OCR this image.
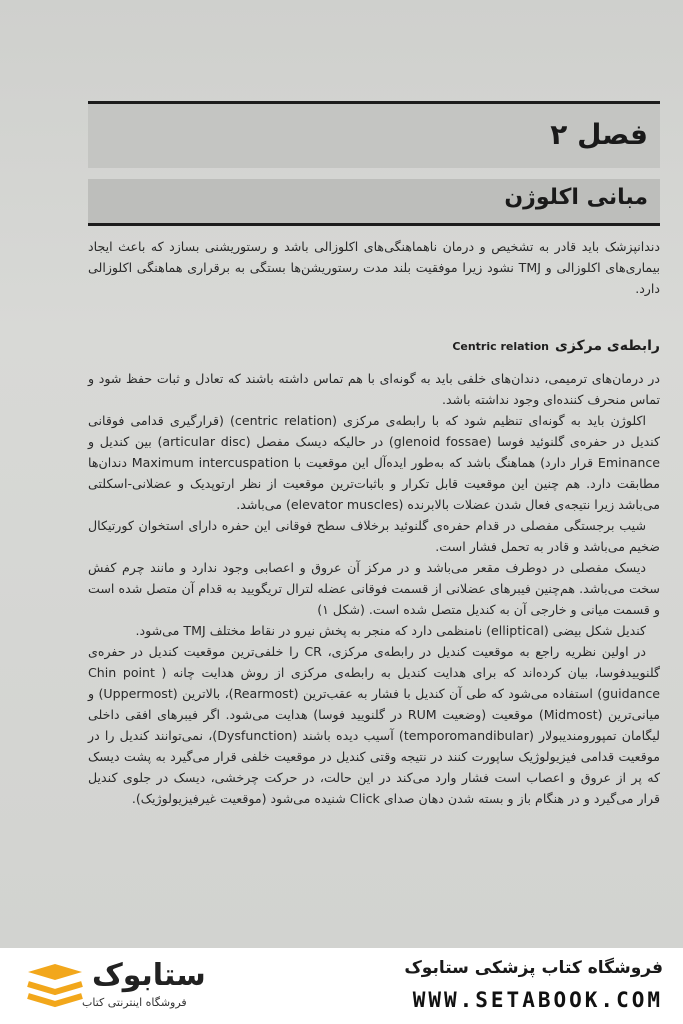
فصل ۲
مبانی اکلوژن

دندانپزشک باید قادر به تشخیص و درمان ناهماهنگی‌های اکلوزالی باشد و رستوریشنی بسازد که باعث ایجاد بیماری‌های اکلوزالی و TMJ نشود زیرا موفقیت بلند مدت رستوریشن‌ها بستگی به برقراری هماهنگی اکلوزالی دارد.

رابطه‌ی مرکزیCentric relation

در درمان‌های ترمیمی، دندان‌های خلفی باید به گونه‌ای با هم تماس داشته باشند که تعادل و ثبات حفظ شود و تماس منحرف کننده‌ای وجود نداشته باشد.

اکلوژن باید به گونه‌ای تنظیم شود که با رابطه‌ی مرکزی (centric relation) (قرارگیری قدامی فوقانی کندیل در حفره‌ی گلنوئید فوسا (glenoid fossae) در حالیکه دیسک مفصل (articular disc) بین کندیل و Eminance قرار دارد) هماهنگ باشد که به‌طور ایده‌آل این موقعیت با Maximum intercuspation دندان‌ها مطابقت دارد. هم چنین این موقعیت قابل تکرار و باثبات‌ترین موقعیت از نظر ارتوپدیک و عضلانی-اسکلتی می‌باشد زیرا نتیجه‌ی فعال شدن عضلات بالابرنده (elevator muscles) می‌باشد.

شیب برجستگی مفصلی در قدام حفره‌ی گلنوئید برخلاف سطح فوقانی این حفره دارای استخوان کورتیکال ضخیم می‌باشد و قادر به تحمل فشار است.

دیسک مفصلی در دوطرف مقعر می‌باشد و در مرکز آن عروق و اعصابی وجود ندارد و مانند چرم کفش سخت می‌باشد. هم‌چنین فیبرهای عضلانی از قسمت فوقانی عضله لترال تریگویید به قدام آن متصل شده است و قسمت میانی و خارجی آن به کندیل متصل شده است. (شکل ۱)

کندیل شکل بیضی (elliptical) نامنظمی دارد که منجر به پخش نیرو در نقاط مختلف TMJ می‌شود.

در اولین نظریه راجع به موقعیت کندیل در رابطه‌ی مرکزی، CR را خلفی‌ترین موقعیت کندیل در حفره‌ی گلنوییدفوسا، بیان کرده‌اند که برای هدایت کندیل به رابطه‌ی مرکزی از روش هدایت چانه ( Chin point guidance) استفاده می‌شود که طی آن کندیل با فشار به عقب‌ترین (Rearmost)، بالاترین (Uppermost) و میانی‌ترین (Midmost) موقعیت (وضعیت RUM در گلنویید فوسا) هدایت می‌شود. اگر فیبرهای افقی داخلی لیگامان تمپورومندیبولار (temporomandibular) آسیب دیده باشند (Dysfunction)، نمی‌توانند کندیل را در موقعیت قدامی فیزیولوژیک ساپورت کنند در نتیجه وقتی کندیل در موقعیت خلفی قرار می‌گیرد به پشت دیسک که پر از عروق و اعصاب است فشار وارد می‌کند در این حالت، در حرکت چرخشی، دیسک در جلوی کندیل قرار می‌گیرد و در هنگام باز و بسته شدن دهان صدای Click شنیده می‌شود (موقعیت غیرفیزیولوژیک).

ستابوک
فروشگاه اینترنتی کتاب
فروشگاه کتاب پزشکی ستابوک
WWW.SETABOOK.COM
